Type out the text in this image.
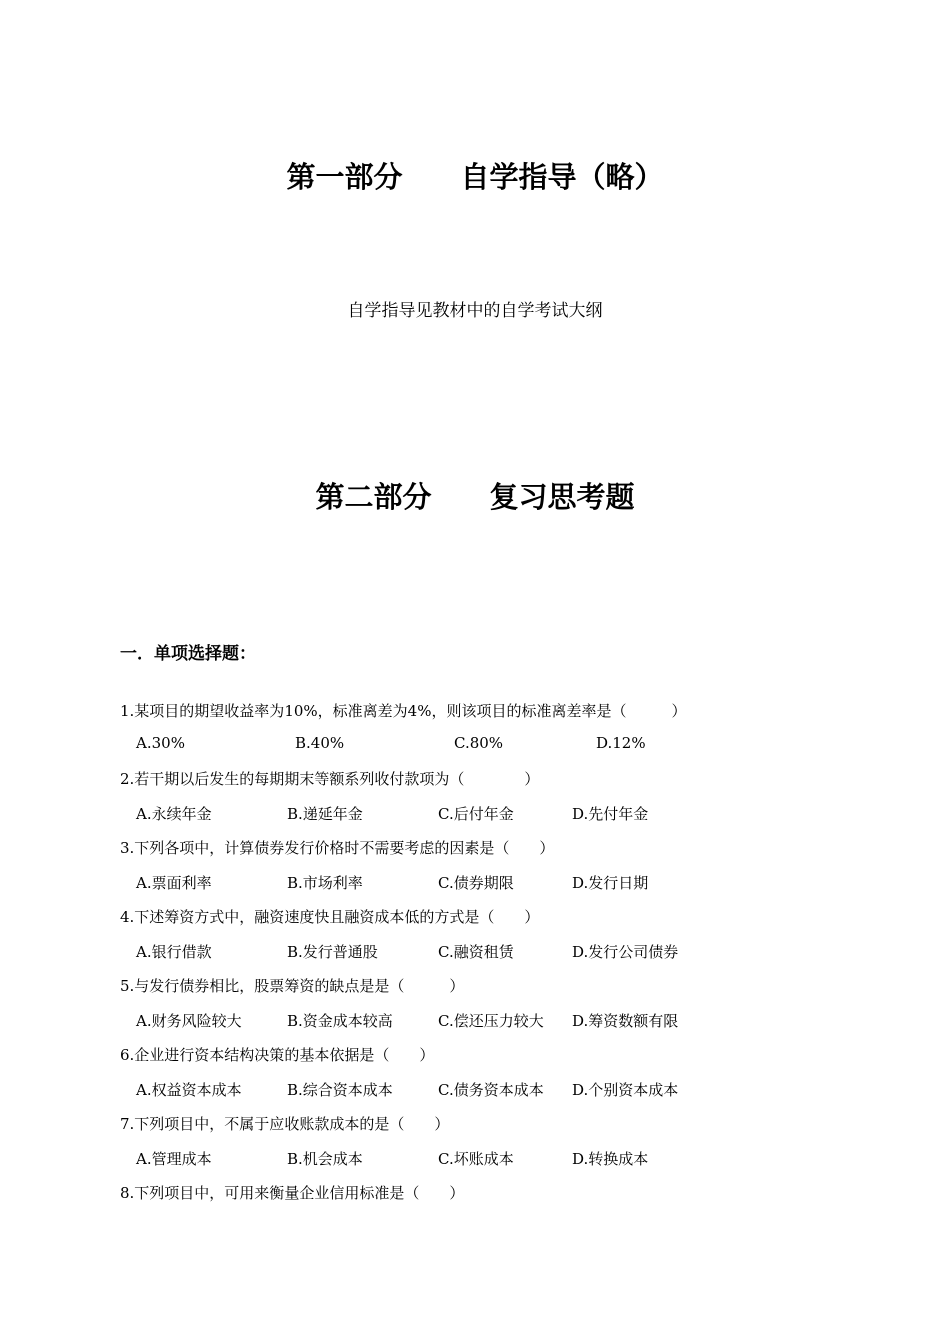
第一部分　　自学指导（略）
自学指导见教材中的自学考试大纲
第二部分　　复习思考题
一．单项选择题：
1.某项目的期望收益率为10%，标准离差为4%，则该项目的标准离差率是（　　　）
A.30%	B.40%	C.80%	D.12%
2.若干期以后发生的每期期末等额系列收付款项为（　　　　）
A.永续年金	B.递延年金	C.后付年金	D.先付年金
3.下列各项中，计算债券发行价格时不需要考虑的因素是（　　）
A.票面利率	B.市场利率	C.债券期限	D.发行日期
4.下述筹资方式中，融资速度快且融资成本低的方式是（　　）
A.银行借款	B.发行普通股	C.融资租赁	D.发行公司债券
5.与发行债券相比，股票筹资的缺点是是（　　　）
A.财务风险较大	B.资金成本较高	C.偿还压力较大 D.筹资数额有限
6.企业进行资本结构决策的基本依据是（　　）
A.权益资本成本	B.综合资本成本	C.债务资本成本 D.个别资本成本
7.下列项目中，不属于应收账款成本的是（　　）
A.管理成本	B.机会成本	C.坏账成本	D.转换成本
8.下列项目中，可用来衡量企业信用标准是（　　）
